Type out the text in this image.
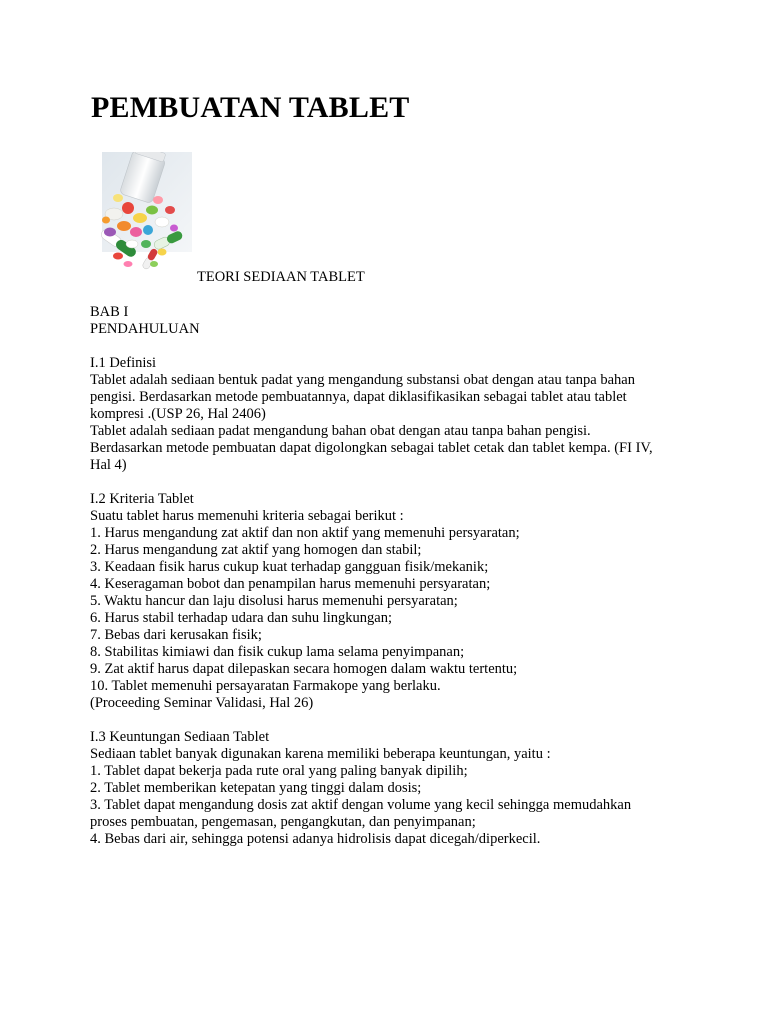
PEMBUATAN TABLET
TEORI SEDIAAN TABLET
BAB I
PENDAHULUAN
I.1 Definisi
Tablet adalah sediaan bentuk padat yang mengandung substansi obat dengan atau tanpa bahan
pengisi. Berdasarkan metode pembuatannya, dapat diklasifikasikan sebagai tablet atau tablet
kompresi .(USP 26, Hal 2406)
Tablet adalah sediaan padat mengandung bahan obat dengan atau tanpa bahan pengisi.
Berdasarkan metode pembuatan dapat digolongkan sebagai tablet cetak dan tablet kempa. (FI IV,
Hal 4)
I.2 Kriteria Tablet
Suatu tablet harus memenuhi kriteria sebagai berikut :
1. Harus mengandung zat aktif dan non aktif yang memenuhi persyaratan;
2. Harus mengandung zat aktif yang homogen dan stabil;
3. Keadaan fisik harus cukup kuat terhadap gangguan fisik/mekanik;
4. Keseragaman bobot dan penampilan harus memenuhi persyaratan;
5. Waktu hancur dan laju disolusi harus memenuhi persyaratan;
6. Harus stabil terhadap udara dan suhu lingkungan;
7. Bebas dari kerusakan fisik;
8. Stabilitas kimiawi dan fisik cukup lama selama penyimpanan;
9. Zat aktif harus dapat dilepaskan secara homogen dalam waktu tertentu;
10. Tablet memenuhi persayaratan Farmakope yang berlaku.
(Proceeding Seminar Validasi, Hal 26)
I.3 Keuntungan Sediaan Tablet
Sediaan tablet banyak digunakan karena memiliki beberapa keuntungan, yaitu :
1. Tablet dapat bekerja pada rute oral yang paling banyak dipilih;
2. Tablet memberikan ketepatan yang tinggi dalam dosis;
3. Tablet dapat mengandung dosis zat aktif dengan volume yang kecil sehingga memudahkan
proses pembuatan, pengemasan, pengangkutan, dan penyimpanan;
4. Bebas dari air, sehingga potensi adanya hidrolisis dapat dicegah/diperkecil.
